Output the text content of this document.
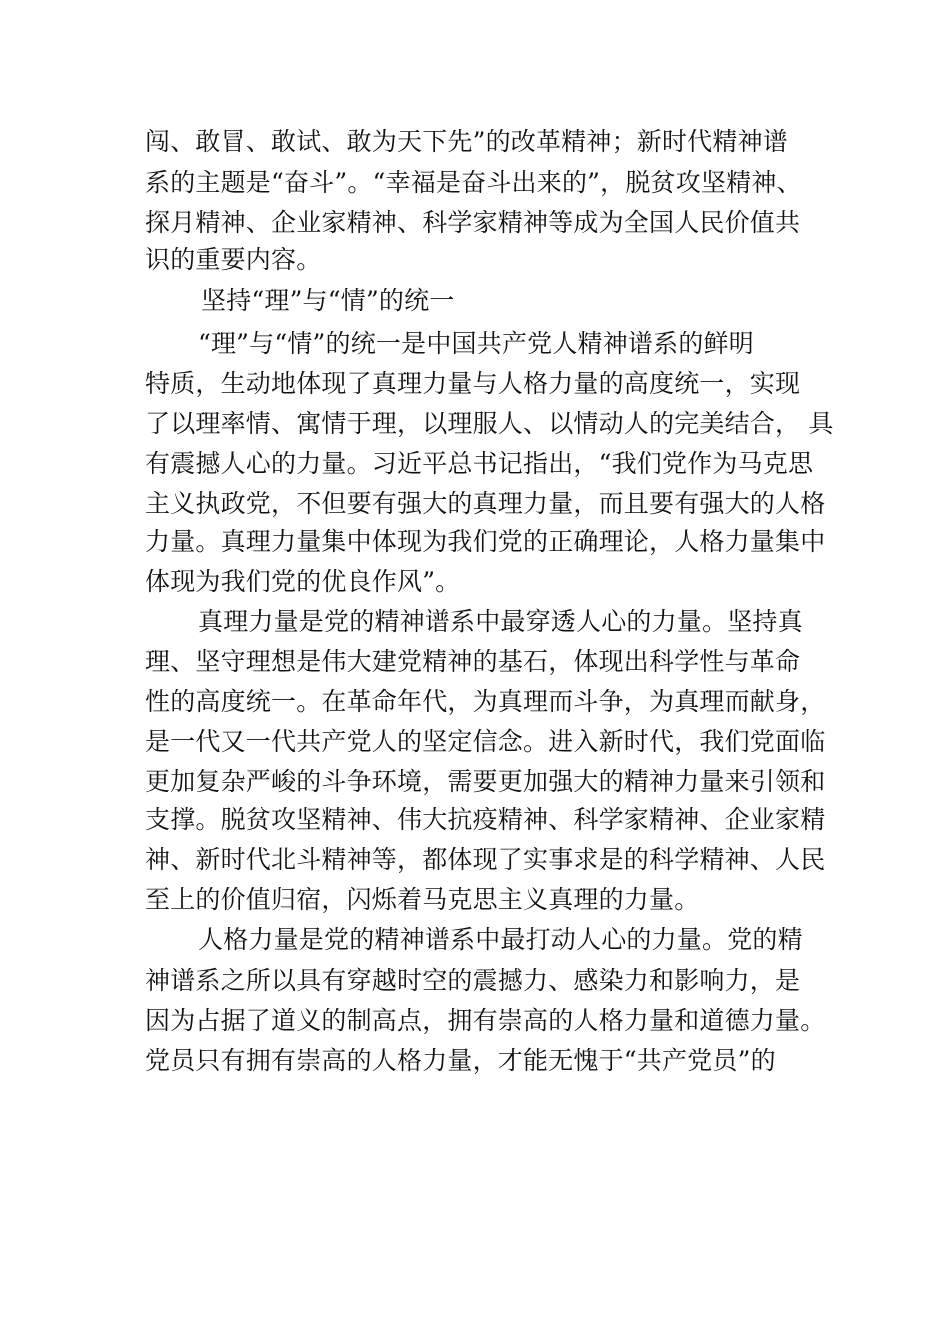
闯、敢冒、敢试、敢为天下先”的改革精神；新时代精神谱
系的主题是“奋斗”。“幸福是奋斗出来的”，脱贫攻坚精神、
探月精神、企业家精神、科学家精神等成为全国人民价值共
识的重要内容。
坚持“理”与“情”的统一
“理”与“情”的统一是中国共产党人精神谱系的鲜明
特质，生动地体现了真理力量与人格力量的高度统一，实现
了以理率情、寓情于理，以理服人、以情动人的完美结合， 具
有震撼人心的力量。习近平总书记指出，“我们党作为马克思
主义执政党，不但要有强大的真理力量，而且要有强大的人格
力量。真理力量集中体现为我们党的正确理论，人格力量集中
体现为我们党的优良作风”。
真理力量是党的精神谱系中最穿透人心的力量。坚持真
理、坚守理想是伟大建党精神的基石，体现出科学性与革命
性的高度统一。在革命年代，为真理而斗争，为真理而献身，
是一代又一代共产党人的坚定信念。进入新时代，我们党面临
更加复杂严峻的斗争环境，需要更加强大的精神力量来引领和
支撑。脱贫攻坚精神、伟大抗疫精神、科学家精神、企业家精
神、新时代北斗精神等，都体现了实事求是的科学精神、人民
至上的价值归宿，闪烁着马克思主义真理的力量。
人格力量是党的精神谱系中最打动人心的力量。党的精
神谱系之所以具有穿越时空的震撼力、感染力和影响力，是
因为占据了道义的制高点，拥有崇高的人格力量和道德力量。
党员只有拥有崇高的人格力量，才能无愧于“共产党员”的
